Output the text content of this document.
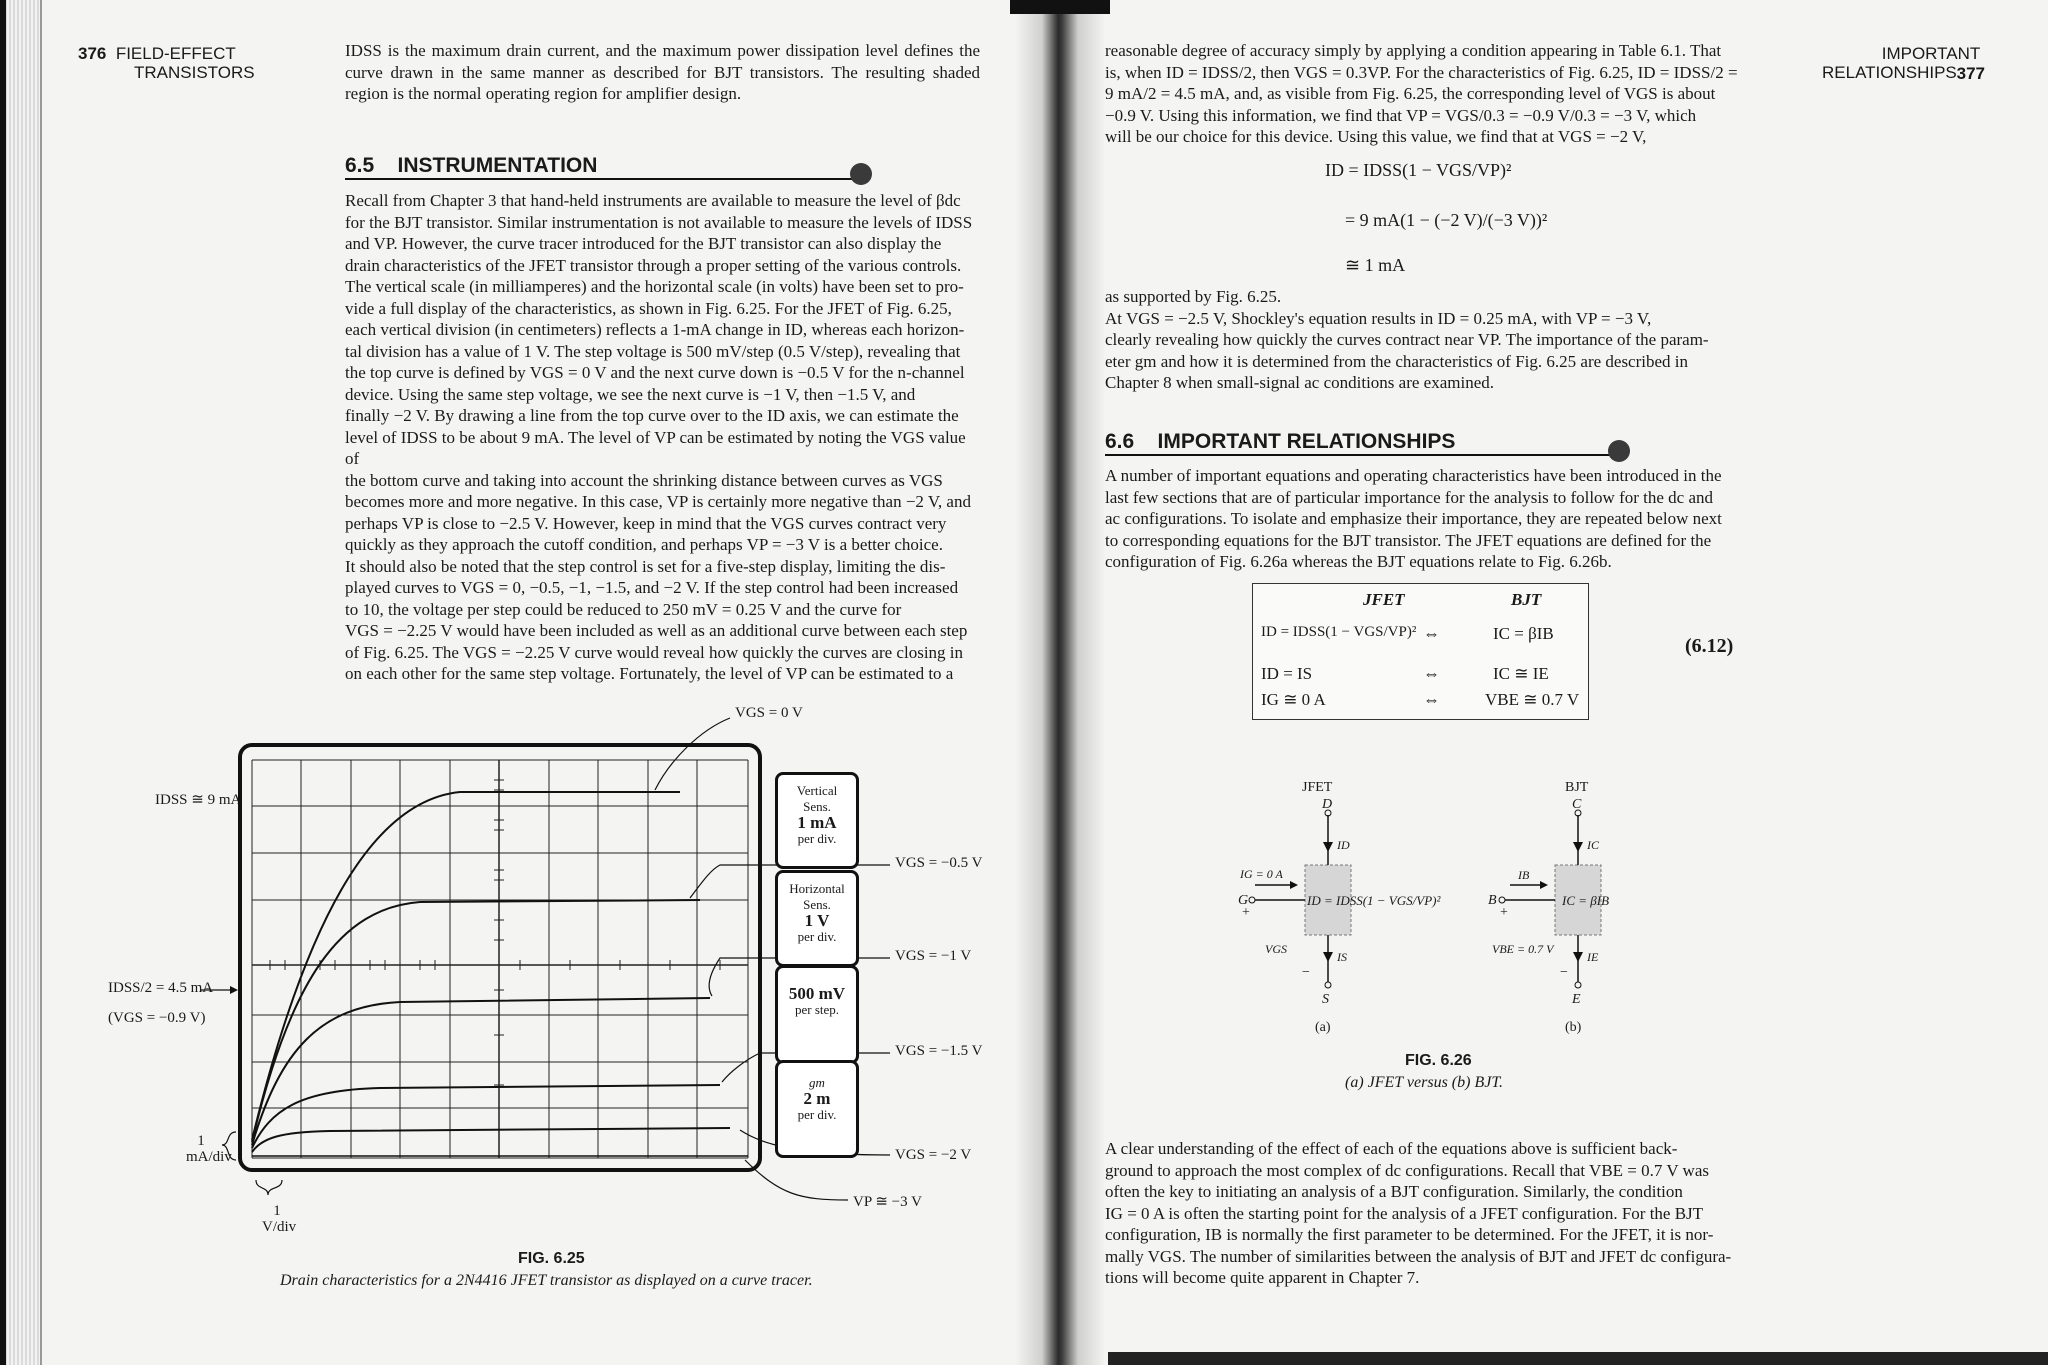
376 FIELD-EFFECT
TRANSISTORS
IDSS is the maximum drain current, and the maximum power dissipation level defines the curve drawn in the same manner as described for BJT transistors. The resulting shaded region is the normal operating region for amplifier design.
6.5 INSTRUMENTATION
Recall from Chapter 3 that hand-held instruments are available to measure the level of βdc
for the BJT transistor. Similar instrumentation is not available to measure the levels of IDSS
and VP. However, the curve tracer introduced for the BJT transistor can also display the
drain characteristics of the JFET transistor through a proper setting of the various controls.
The vertical scale (in milliamperes) and the horizontal scale (in volts) have been set to pro-
vide a full display of the characteristics, as shown in Fig. 6.25. For the JFET of Fig. 6.25,
each vertical division (in centimeters) reflects a 1-mA change in ID, whereas each horizon-
tal division has a value of 1 V. The step voltage is 500 mV/step (0.5 V/step), revealing that
the top curve is defined by VGS = 0 V and the next curve down is −0.5 V for the n-channel
device. Using the same step voltage, we see the next curve is −1 V, then −1.5 V, and
finally −2 V. By drawing a line from the top curve over to the ID axis, we can estimate the
level of IDSS to be about 9 mA. The level of VP can be estimated by noting the VGS value of
the bottom curve and taking into account the shrinking distance between curves as VGS
becomes more and more negative. In this case, VP is certainly more negative than −2 V, and
perhaps VP is close to −2.5 V. However, keep in mind that the VGS curves contract very
quickly as they approach the cutoff condition, and perhaps VP = −3 V is a better choice.
It should also be noted that the step control is set for a five-step display, limiting the dis-
played curves to VGS = 0, −0.5, −1, −1.5, and −2 V. If the step control had been increased
to 10, the voltage per step could be reduced to 250 mV = 0.25 V and the curve for
VGS = −2.25 V would have been included as well as an additional curve between each step
of Fig. 6.25. The VGS = −2.25 V curve would reveal how quickly the curves are closing in
on each other for the same step voltage. Fortunately, the level of VP can be estimated to a
VGS = 0 V
VGS = −0.5 V
VGS = −1 V
VGS = −1.5 V
VGS = −2 V
VP ≅ −3 V
IDSS ≅ 9 mA
IDSS/2 = 4.5 mA
(VGS = −0.9 V)
1 mA/div
1 V/div
Vertical
Sens.
1 mA
per div.
Horizontal
Sens.
1 V
per div.
500 mV
per step.
gm
2 m
per div.
FIG. 6.25
Drain characteristics for a 2N4416 JFET transistor as displayed on a curve tracer.
IMPORTANT  377
RELATIONSHIPS
reasonable degree of accuracy simply by applying a condition appearing in Table 6.1. That
is, when ID = IDSS/2, then VGS = 0.3VP. For the characteristics of Fig. 6.25, ID = IDSS/2 =
9 mA/2 = 4.5 mA, and, as visible from Fig. 6.25, the corresponding level of VGS is about
−0.9 V. Using this information, we find that VP = VGS/0.3 = −0.9 V/0.3 = −3 V, which
will be our choice for this device. Using this value, we find that at VGS = −2 V,
ID = IDSS(1 − VGS/VP)²
= 9 mA(1 − (−2 V)/(−3 V))²
≅ 1 mA
as supported by Fig. 6.25.
At VGS = −2.5 V, Shockley's equation results in ID = 0.25 mA, with VP = −3 V,
clearly revealing how quickly the curves contract near VP. The importance of the param-
eter gm and how it is determined from the characteristics of Fig. 6.25 are described in
Chapter 8 when small-signal ac conditions are examined.
6.6 IMPORTANT RELATIONSHIPS
A number of important equations and operating characteristics have been introduced in the
last few sections that are of particular importance for the analysis to follow for the dc and
ac configurations. To isolate and emphasize their importance, they are repeated below next
to corresponding equations for the BJT transistor. The JFET equations are defined for the
configuration of Fig. 6.26a whereas the BJT equations relate to Fig. 6.26b.
JFET	BJT
ID = IDSS(1 − VGS/VP)² ⇔	IC = βIB
ID = IS	⇔	IC ≅ IE
IG ≅ 0 A	⇔	VBE ≅ 0.7 V
(6.12)
JFET
D
ID
IG = 0 A
G
+
ID = IDSS(1 − VGS/VP)²
VGS
IS
−
S
(a)
BJT
C
IC
IB
B
+
IC = βIB
VBE = 0.7 V
IE
−
E
(b)
FIG. 6.26
(a) JFET versus (b) BJT.
A clear understanding of the effect of each of the equations above is sufficient back-
ground to approach the most complex of dc configurations. Recall that VBE = 0.7 V was
often the key to initiating an analysis of a BJT configuration. Similarly, the condition
IG = 0 A is often the starting point for the analysis of a JFET configuration. For the BJT
configuration, IB is normally the first parameter to be determined. For the JFET, it is nor-
mally VGS. The number of similarities between the analysis of BJT and JFET dc configura-
tions will become quite apparent in Chapter 7.
